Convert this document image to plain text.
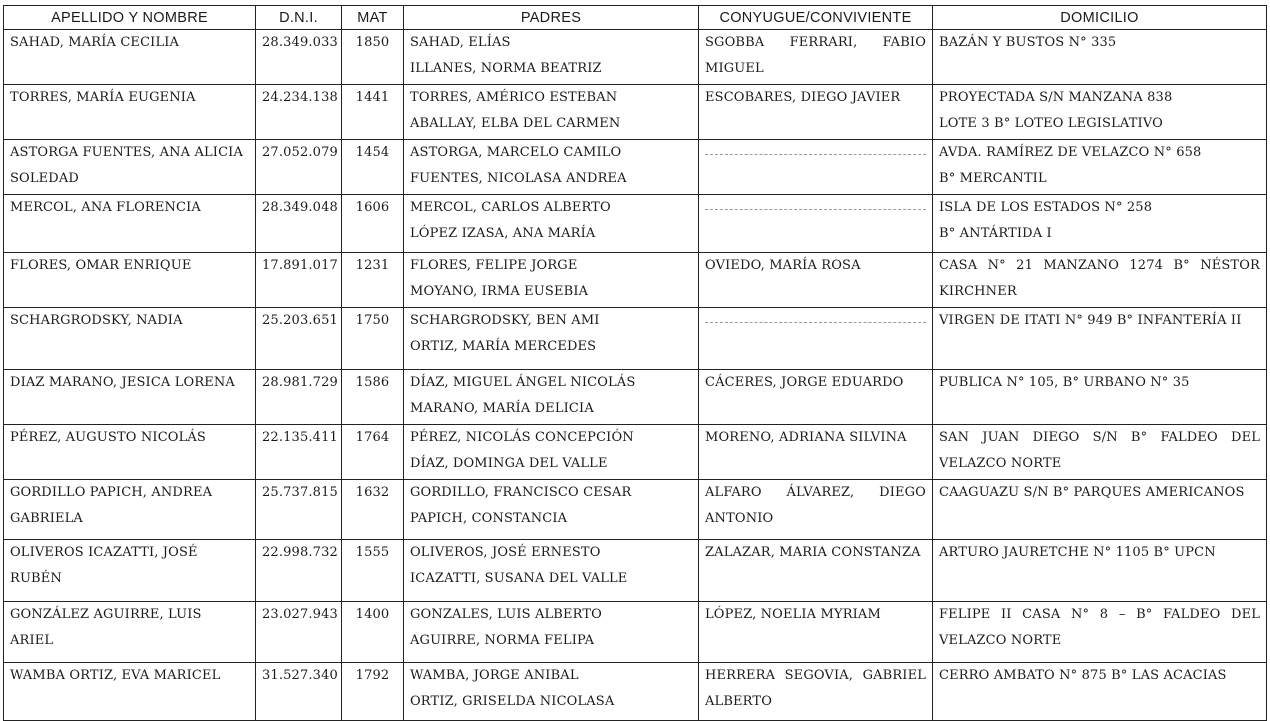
APELLIDO Y NOMBRE	D.N.I.	MAT	PADRES	CONYUGUE/CONVIVIENTE	DOMICILIO

SAHAD, MARÍA CECILIA	28.349.033	1850	SAHAD, ELÍAS
ILLANES, NORMA BEATRIZ	SGOBBA FERRARI, FABIO
MIGUEL	BAZÁN Y BUSTOS N° 335

TORRES, MARÍA EUGENIA	24.234.138	1441	TORRES, AMÉRICO ESTEBAN
ABALLAY, ELBA DEL CARMEN	ESCOBARES, DIEGO JAVIER	PROYECTADA S/N MANZANA 838
LOTE 3 B° LOTEO LEGISLATIVO

ASTORGA FUENTES, ANA ALICIA
SOLEDAD	27.052.079	1454	ASTORGA, MARCELO CAMILO
FUENTES, NICOLASA ANDREA		AVDA. RAMÍREZ DE VELAZCO N° 658
B° MERCANTIL

MERCOL, ANA FLORENCIA	28.349.048	1606	MERCOL, CARLOS ALBERTO
LÓPEZ IZASA, ANA MARÍA		ISLA DE LOS ESTADOS N° 258
B° ANTÁRTIDA I

FLORES, OMAR ENRIQUE	17.891.017	1231	FLORES, FELIPE JORGE
MOYANO, IRMA EUSEBIA	OVIEDO, MARÍA ROSA	CASA N° 21 MANZANO 1274 B° NÉSTOR
KIRCHNER

SCHARGRODSKY, NADIA	25.203.651	1750	SCHARGRODSKY, BEN AMI
ORTIZ, MARÍA MERCEDES		VIRGEN DE ITATI N° 949 B° INFANTERÍA II

DIAZ MARANO, JESICA LORENA	28.981.729	1586	DÍAZ, MIGUEL ÁNGEL NICOLÁS
MARANO, MARÍA DELICIA	CÁCERES, JORGE EDUARDO	PUBLICA N° 105, B° URBANO N° 35

PÉREZ, AUGUSTO NICOLÁS	22.135.411	1764	PÉREZ, NICOLÁS CONCEPCIÓN
DÍAZ, DOMINGA DEL VALLE	MORENO, ADRIANA SILVINA	SAN JUAN DIEGO S/N B° FALDEO DEL
VELAZCO NORTE

GORDILLO PAPICH, ANDREA
GABRIELA	25.737.815	1632	GORDILLO, FRANCISCO CESAR
PAPICH, CONSTANCIA	ALFARO ÁLVAREZ, DIEGO
ANTONIO	CAAGUAZU S/N B° PARQUES AMERICANOS

OLIVEROS ICAZATTI, JOSÉ
RUBÉN	22.998.732	1555	OLIVEROS, JOSÉ ERNESTO
ICAZATTI, SUSANA DEL VALLE	ZALAZAR, MARIA CONSTANZA	ARTURO JAURETCHE N° 1105 B° UPCN

GONZÁLEZ AGUIRRE, LUIS
ARIEL	23.027.943	1400	GONZALES, LUIS ALBERTO
AGUIRRE, NORMA FELIPA	LÓPEZ, NOELIA MYRIAM	FELIPE II CASA N° 8 – B° FALDEO DEL
VELAZCO NORTE

WAMBA ORTIZ, EVA MARICEL	31.527.340	1792	WAMBA, JORGE ANIBAL
ORTIZ, GRISELDA NICOLASA	HERRERA SEGOVIA, GABRIEL
ALBERTO	CERRO AMBATO N° 875 B° LAS ACACIAS
